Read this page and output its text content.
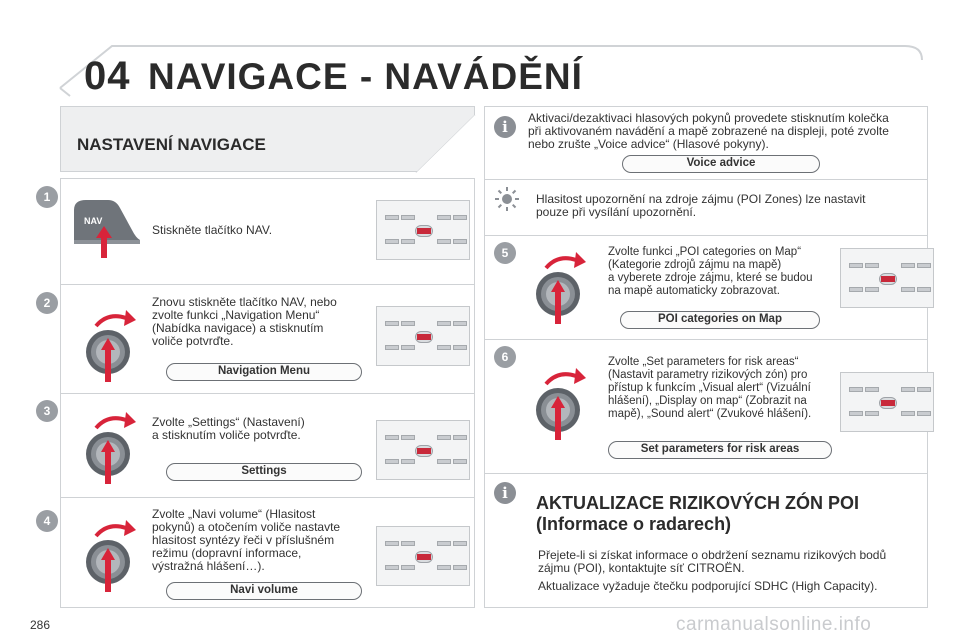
04 NAVIGACE - NAVÁDĚNÍ
NASTAVENÍ NAVIGACE
1
NAV
Stiskněte tlačítko NAV.
2	Znovu stiskněte tlačítko NAV, nebo
zvolte funkci „Navigation Menu“
(Nabídka navigace) a stisknutím
voliče potvrďte.
Navigation Menu
3
Zvolte „Settings“ (Nastavení)
a stisknutím voliče potvrďte.
Settings
4	Zvolte „Navi volume“ (Hlasitost
pokynů) a otočením voliče nastavte
hlasitost syntézy řeči v příslušném
režimu (dopravní informace,
výstražná hlášení…).
Navi volume
i	Aktivaci/dezaktivaci hlasových pokynů provedete stisknutím kolečka
při aktivovaném navádění a mapě zobrazené na displeji, poté zvolte
nebo zrušte „Voice advice“ (Hlasové pokyny).
Voice advice
Hlasitost upozornění na zdroje zájmu (POI Zones) lze nastavit
pouze při vysílání upozornění.
5	Zvolte funkci „POI categories on Map“
(Kategorie zdrojů zájmu na mapě)
a vyberete zdroje zájmu, které se budou
na mapě automaticky zobrazovat.
POI categories on Map
6	Zvolte „Set parameters for risk areas“
(Nastavit parametry rizikových zón) pro
přístup k funkcím „Visual alert“ (Vizuální
hlášení), „Display on map“ (Zobrazit na
mapě), „Sound alert“ (Zvukové hlášení).
Set parameters for risk areas
i	AKTUALIZACE RIZIKOVÝCH ZÓN POI
(Informace o radarech)
Přejete-li si získat informace o obdržení seznamu rizikových bodů
zájmu (POI), kontaktujte síť CITROËN.
Aktualizace vyžaduje čtečku podporující SDHC (High Capacity).
286	carmanualsonline.info
